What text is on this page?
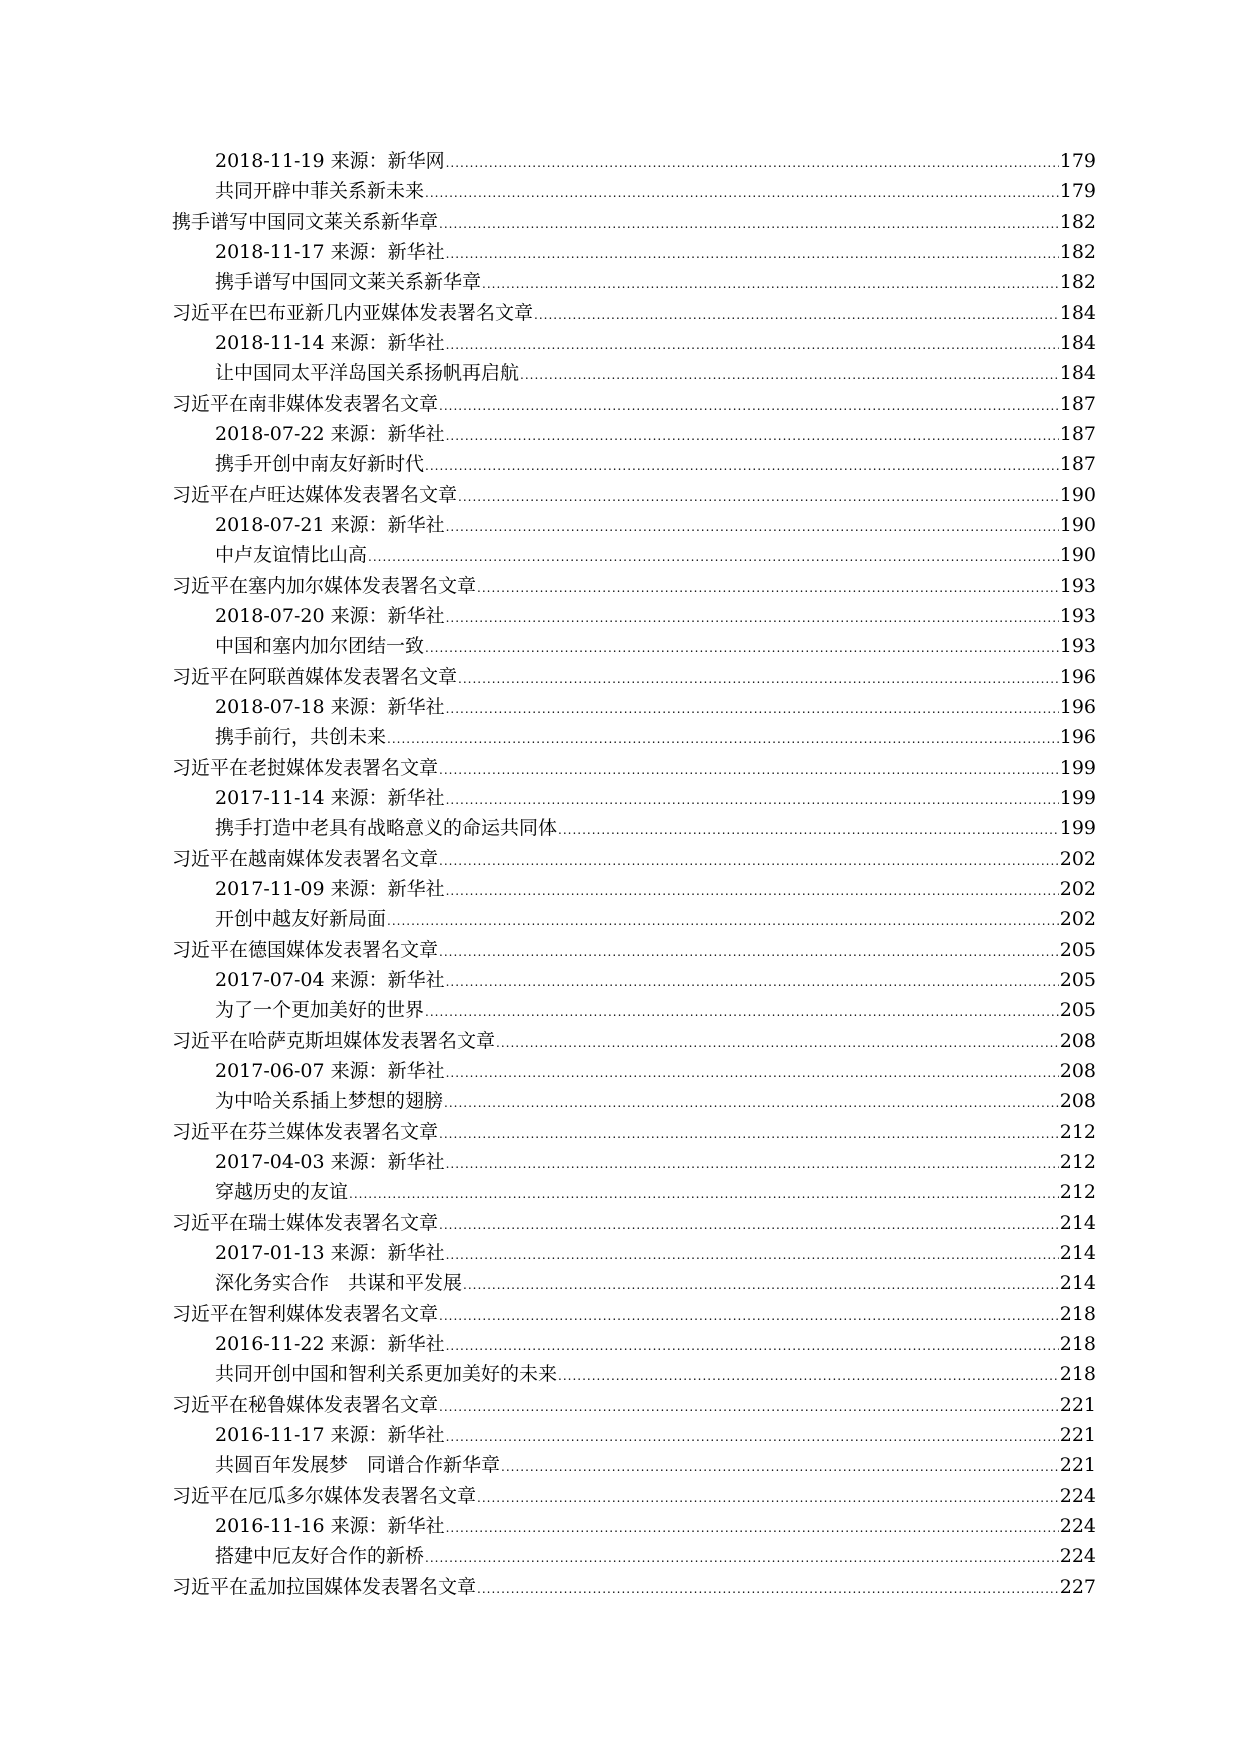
2018-11-19 来源：新华网 .....	179
共同开辟中菲关系新未来 .....	179
携手谱写中国同文莱关系新华章 .....	182
2018-11-17 来源：新华社 .....	182
携手谱写中国同文莱关系新华章 .....	182
习近平在巴布亚新几内亚媒体发表署名文章 .....	184
2018-11-14 来源：新华社 .....	184
让中国同太平洋岛国关系扬帆再启航 .....	184
习近平在南非媒体发表署名文章 .....	187
2018-07-22 来源：新华社 .....	187
携手开创中南友好新时代 .....	187
习近平在卢旺达媒体发表署名文章 .....	190
2018-07-21 来源：新华社 .....	190
中卢友谊情比山高 .....	190
习近平在塞内加尔媒体发表署名文章 .....	193
2018-07-20 来源：新华社 .....	193
中国和塞内加尔团结一致 .....	193
习近平在阿联酋媒体发表署名文章 .....	196
2018-07-18 来源：新华社 .....	196
携手前行，共创未来 .....	196
习近平在老挝媒体发表署名文章 .....	199
2017-11-14 来源：新华社 .....	199
携手打造中老具有战略意义的命运共同体 .....	199
习近平在越南媒体发表署名文章 .....	202
2017-11-09 来源：新华社 .....	202
开创中越友好新局面 .....	202
习近平在德国媒体发表署名文章 .....	205
2017-07-04 来源：新华社 .....	205
为了一个更加美好的世界 .....	205
习近平在哈萨克斯坦媒体发表署名文章 .....	208
2017-06-07 来源：新华社 .....	208
为中哈关系插上梦想的翅膀 .....	208
习近平在芬兰媒体发表署名文章 .....	212
2017-04-03 来源：新华社 .....	212
穿越历史的友谊 .....	212
习近平在瑞士媒体发表署名文章 .....	214
2017-01-13 来源：新华社 .....	214
深化务实合作　共谋和平发展 .....	214
习近平在智利媒体发表署名文章 .....	218
2016-11-22 来源：新华社 .....	218
共同开创中国和智利关系更加美好的未来 .....	218
习近平在秘鲁媒体发表署名文章 .....	221
2016-11-17 来源：新华社 .....	221
共圆百年发展梦　同谱合作新华章 .....	221
习近平在厄瓜多尔媒体发表署名文章 .....	224
2016-11-16 来源：新华社 .....	224
搭建中厄友好合作的新桥 .....	224
习近平在孟加拉国媒体发表署名文章 .....	227
